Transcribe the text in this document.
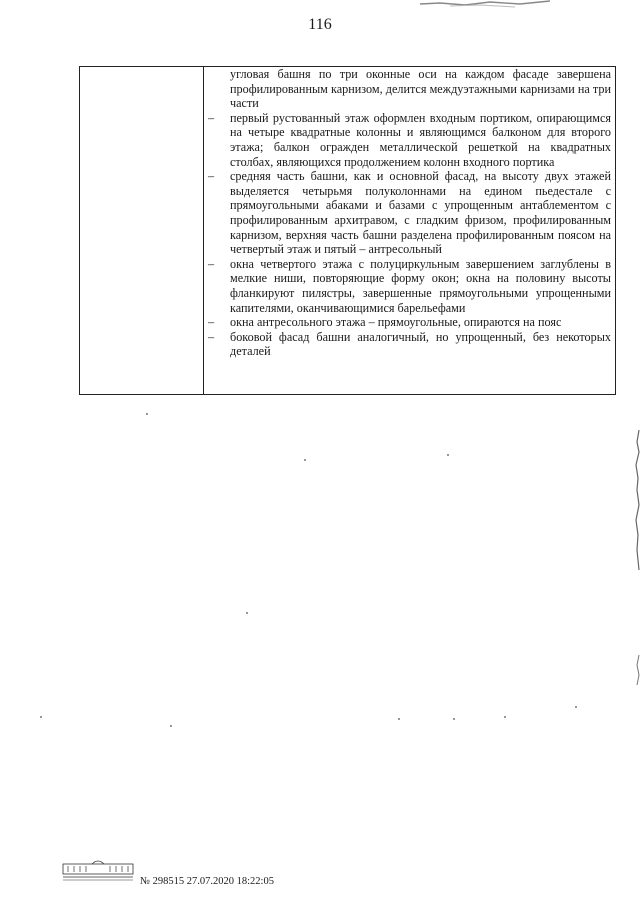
116
угловая башня по три оконные оси на каждом фасаде завершена профилированным карнизом, делится междуэтажными карнизами на три части
–	первый рустованный этаж оформлен входным портиком, опирающимся на четыре квадратные колонны и являющимся балконом для второго этажа; балкон огражден металлической решеткой на квадратных столбах, являющихся продолжением колонн входного портика
–	средняя часть башни, как и основной фасад, на высоту двух этажей выделяется четырьмя полуколоннами на едином пьедестале с прямоугольными абаками и базами с упрощенным антаблементом с профилированным архитравом, с гладким фризом, профилированным карнизом, верхняя часть башни разделена профилированным поясом на четвертый этаж и пятый – антресольный
–	окна четвертого этажа с полуциркульным завершением заглублены в мелкие ниши, повторяющие форму окон; окна на половину высоты фланкируют пилястры, завершенные прямоугольными упрощенными капителями, оканчивающимися барельефами
–	окна антресольного этажа – прямоугольные, опираются на пояс
–	боковой фасад башни аналогичный, но упрощенный, без некоторых деталей
№ 298515 27.07.2020 18:22:05
